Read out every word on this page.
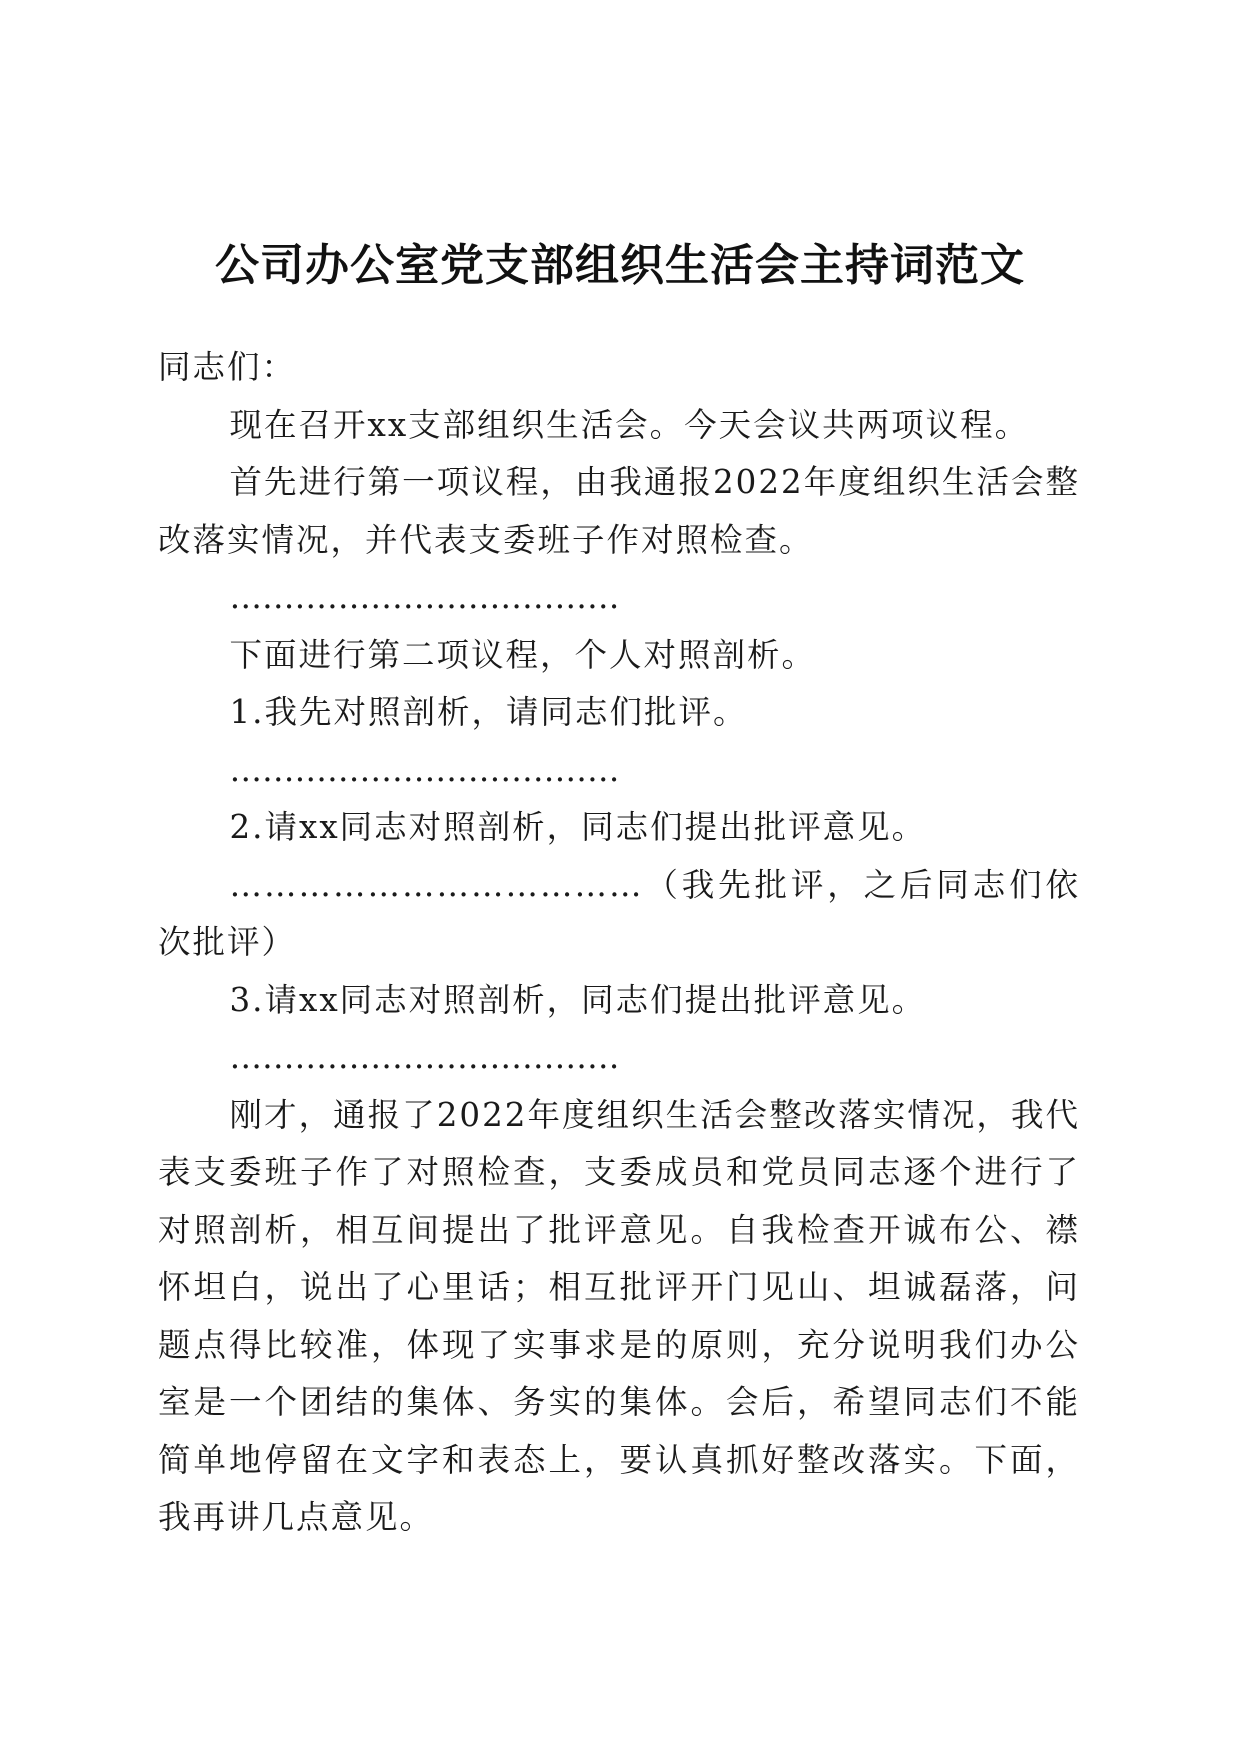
公司办公室党支部组织生活会主持词范文

同志们：

现在召开xx支部组织生活会。今天会议共两项议程。

首先进行第一项议程，由我通报2022年度组织生活会整改落实情况，并代表支委班子作对照检查。

………………………………

下面进行第二项议程，个人对照剖析。

1.我先对照剖析，请同志们批评。

………………………………

2.请xx同志对照剖析，同志们提出批评意见。

………………………………（我先批评，之后同志们依次批评）

3.请xx同志对照剖析，同志们提出批评意见。

………………………………

刚才，通报了2022年度组织生活会整改落实情况，我代表支委班子作了对照检查，支委成员和党员同志逐个进行了对照剖析，相互间提出了批评意见。自我检查开诚布公、襟怀坦白，说出了心里话；相互批评开门见山、坦诚磊落，问题点得比较准，体现了实事求是的原则，充分说明我们办公室是一个团结的集体、务实的集体。会后，希望同志们不能简单地停留在文字和表态上，要认真抓好整改落实。下面，我再讲几点意见。
